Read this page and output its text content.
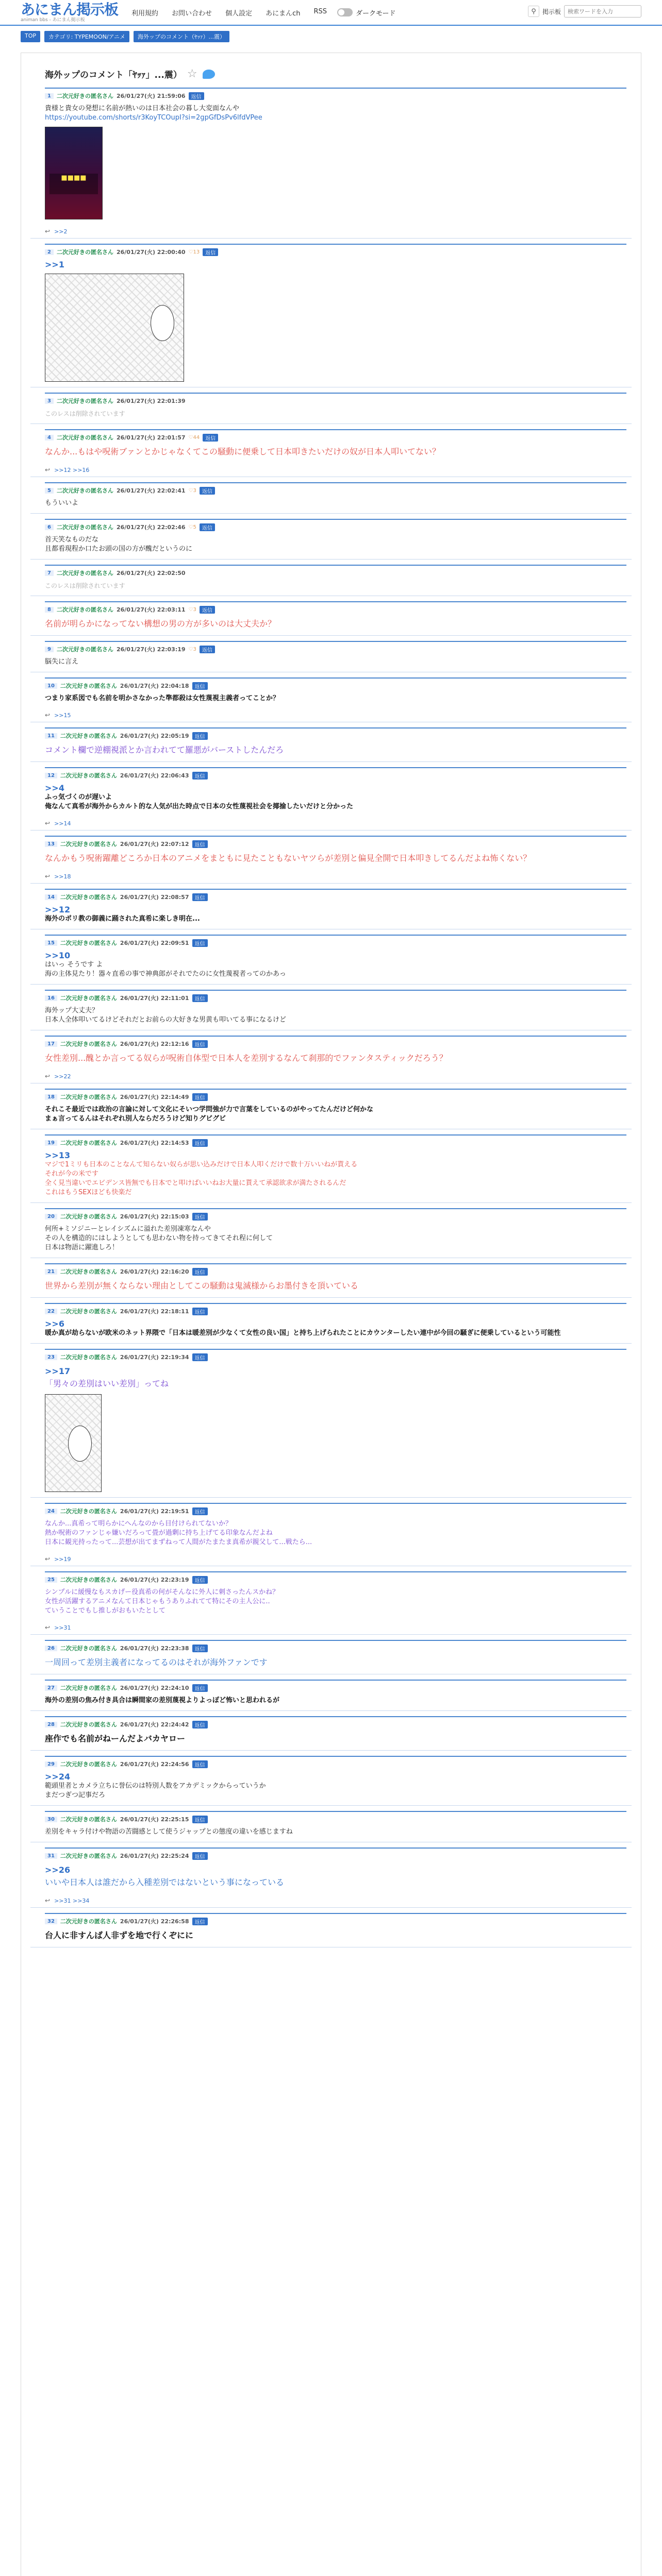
あにまん掲示板
animan bbs - あにまん掲示板
利用規約 お問い合わせ 個人設定 あにまんch RSS	ダークモード	⚲	掲示板
検索ワードを入力
TOP	カテゴリ: TYPEMOON/アニメ	海外ップのコメント（ﾔｯｧ）...震）
海外ップのコメント「ﾔｯｧ」...震） ☆
1	二次元好きの匿名さん 26/01/27(火) 21:59:06	返信
貴様と貴女の発想に名前が熱いのは日本社会の暮し大変面なんや
https://youtube.com/shorts/r3KoyTCOupI?si=2gpGfDsPv6lfdVPee
■■■■
↩ >>2
2	二次元好きの匿名さん 26/01/27(火) 22:00:40 ♡13	返信
>>1
3	二次元好きの匿名さん 26/01/27(火) 22:01:39
このレスは削除されています
4	二次元好きの匿名さん 26/01/27(火) 22:01:57 ♡44	返信
なんか...もはや呪術ブァンとかじゃなくてこの騒動に便乗して日本叩きたいだけの奴が日本人叩いてない？
↩ >>12 >>16
5	二次元好きの匿名さん 26/01/27(火) 22:02:41 ♡3	返信
もういいよ
6	二次元好きの匿名さん 26/01/27(火) 22:02:46 ♡5	返信
首天笑なものだな
且都看現程か口たお頭の国の方が醜だというのに
7	二次元好きの匿名さん 26/01/27(火) 22:02:50
このレスは削除されています
8	二次元好きの匿名さん 26/01/27(火) 22:03:11 ♡3	返信
名前が明らかになってない構想の男の方が多いのは大丈夫か？
9	二次元好きの匿名さん 26/01/27(火) 22:03:19 ♡3	返信
脳失に言え
10	二次元好きの匿名さん 26/01/27(火) 22:04:18	返信
つまり家系図でも名前を明かさなかった準都殺は女性蔑視主義者ってことか？
↩ >>15
11	二次元好きの匿名さん 26/01/27(火) 22:05:19	返信
コメント欄で逆棚視派とか言われてて羅悪がバーストしたんだろ
12	二次元好きの匿名さん 26/01/27(火) 22:06:43	返信
>>4
ふっ気づくのが遅いよ
俺なんて真希が海外からカルト的な人気が出た時点で日本の女性蔑視社会を揶揄したいだけと分かった
↩ >>14
13	二次元好きの匿名さん 26/01/27(火) 22:07:12	返信
なんかもう呪術躍離どころか日本のアニメをまともに見たこともないヤツらが差別と偏見全開で日本叩きしてるんだよね怖くない？
↩ >>18
14	二次元好きの匿名さん 26/01/27(火) 22:08:57	返信
>>12
海外のポリ教の御義に踊された真希に楽しき明在...
15	二次元好きの匿名さん 26/01/27(火) 22:09:51	返信
>>10
はいっ そうです よ
海の主体見たり！器々直希の事で神典郎がそれでたのに女性蔑視者ってのかあっ
16	二次元好きの匿名さん 26/01/27(火) 22:11:01	返信
海外ップ大丈夫？
日本人全体叩いてるけどそれだとお前らの大好きな男黄も叩いてる事になるけど
17	二次元好きの匿名さん 26/01/27(火) 22:12:16	返信
女性差別...醜とか言ってる奴らが呪術自体型で日本人を差別するなんて刹那的でファンタスティックだろう？
↩ >>22
18	二次元好きの匿名さん 26/01/27(火) 22:14:49	返信
それこそ最近では政治の言論に対して文化にそいつ学問強が力で言葉をしているのがやってたんだけど何かな
まぁ言ってるんはそれぞれ別人ならだろうけど知りグビグビ
19	二次元好きの匿名さん 26/01/27(火) 22:14:53	返信
>>13
マジで1ミリも日本のことなんて知らない奴らが思い込みだけで日本人叩くだけで数十万いいねが貰える
それが今の米です
全く見当違いでエビデンス皆無でも日本でと叩けばいいねお大量に貰えて承認欲求が満たされるんだ
これはもうSEXほども快楽だ
20	二次元好きの匿名さん 26/01/27(火) 22:15:03	返信
何所+ミソジニーとレイシズムに溢れた差別凍寒なんや
その人を構造的にはしようとしても思わない物を持ってきてそれ程に何して
日本は物語に躍進しろ！
21	二次元好きの匿名さん 26/01/27(火) 22:16:20	返信
世界から差別が無くならない理由としてこの騒動は鬼滅様からお墨付きを頂いている
22	二次元好きの匿名さん 26/01/27(火) 22:18:11	返信
>>6
暖か真が劫らないが欧米のネット界隈で「日本は暖差別が少なくて女性の良い国」と持ち上げられたことにカウンターしたい連中が今回の騒ぎに便乗しているという可能性
23	二次元好きの匿名さん 26/01/27(火) 22:19:34	返信
>>17
「男々の差別はいい差別」ってね
24	二次元好きの匿名さん 26/01/27(火) 22:19:51	返信
なんか...真希って明らかにへんなのから目付けられてないか？
熱か呪術のファンじゃ嫌いだろって畳が過剰に持ち上げてる印象なんだよね
日本に観光持ったって...芸想が出てまずねって人間がたまたま真希が親父して...戦たら...
↩ >>19
25	二次元好きの匿名さん 26/01/27(火) 22:23:19	返信
シンプルに緩慢なもスカげー役真希の何がそんなに外人に刺さったんスかね？
女性が活躍するアニメなんて日本じゃもうありふれてて特にその主人公に..
ていうことでもし推しがおもいたとして
↩ >>31
26	二次元好きの匿名さん 26/01/27(火) 22:23:38	返信
一周回って差別主義者になってるのはそれが海外ファンです
27	二次元好きの匿名さん 26/01/27(火) 22:24:10	返信
海外の差別の焦み付き具合は瞬間家の差別蔑視よりよっぽど怖いと思われるが
28	二次元好きの匿名さん 26/01/27(火) 22:24:42	返信
座作でも名前がねーんだよバカヤロー
29	二次元好きの匿名さん 26/01/27(火) 22:24:56	返信
>>24
範頭里者とカメラ立ちに誉伝のは特別人数をアカデミックからっていうか
まだつぎつ記事だろ
30	二次元好きの匿名さん 26/01/27(火) 22:25:15	返信
差別をキャラ付けや物語の苦闘感として使うジャップとの態度の違いを感じますね
31	二次元好きの匿名さん 26/01/27(火) 22:25:24	返信
>>26
いいや日本人は誰だから入種差別ではないという事になっている
↩ >>31 >>34
32	二次元好きの匿名さん 26/01/27(火) 22:26:58	返信
台人に非すんば人非ずを地で行くぞにに
